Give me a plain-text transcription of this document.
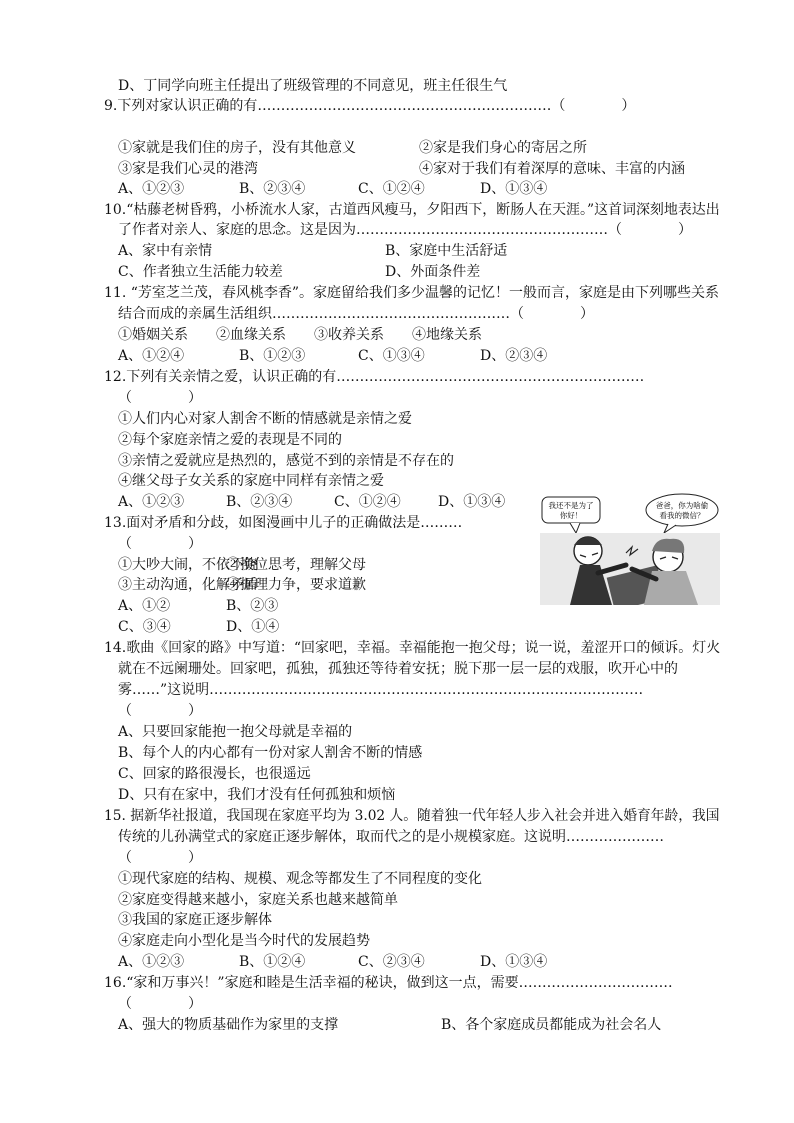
D、丁同学向班主任提出了班级管理的不同意见，班主任很生气
9.下列对家认识正确的有………………………………………………………（　　　　）
①家就是我们住的房子，没有其他意义	②家是我们身心的寄居之所
③家是我们心灵的港湾	④家对于我们有着深厚的意味、丰富的内涵
A、①②③	B、②③④	C、①②④	D、①③④
10.“枯藤老树昏鸦，小桥流水人家，古道西风瘦马，夕阳西下，断肠人在天涯。”这首词深刻地表达出
了作者对亲人、家庭的思念。这是因为………………………………………………（　　　　）
A、家中有亲情	B、家庭中生活舒适
C、作者独立生活能力较差	D、外面条件差
11. “芳室芝兰茂，春风桃李香”。家庭留给我们多少温馨的记忆！一般而言，家庭是由下列哪些关系
结合而成的亲属生活组织……………………………………………（　　　　）
①婚姻关系　　②血缘关系　　③收养关系　　④地缘关系
A、①②④	B、①②③	C、①③④	D、②③④
12.下列有关亲情之爱，认识正确的有…………………………………………………………
（　　　　）
①人们内心对家人割舍不断的情感就是亲情之爱
②每个家庭亲情之爱的表现是不同的
③亲情之爱就应是热烈的，感觉不到的亲情是不存在的
④继父母子女关系的家庭中同样有亲情之爱
A、①②③	B、②③④	C、①②④	D、①③④
13.面对矛盾和分歧，如图漫画中儿子的正确做法是………
（　　　　）
①大吵大闹，不依不饶
②换位思考，理解父母
③主动沟通，化解矛盾
④据理力争，要求道歉
A、①②	B、②③
C、③④	D、①④
14.歌曲《回家的路》中写道：“回家吧，幸福。幸福能抱一抱父母；说一说，羞涩开口的倾诉。灯火
就在不远阑珊处。回家吧，孤独，孤独还等待着安抚；脱下那一层一层的戏服，吹开心中的
雾……”这说明…………………………………………………………………………………
（　　　　）
A、只要回家能抱一抱父母就是幸福的
B、每个人的内心都有一份对家人割舍不断的情感
C、回家的路很漫长，也很遥远
D、只有在家中，我们才没有任何孤独和烦恼
15. 据新华社报道，我国现在家庭平均为 3.02 人。随着独一代年轻人步入社会并进入婚育年龄，我国
传统的儿孙满堂式的家庭正逐步解体，取而代之的是小规模家庭。这说明…………………
（　　　　）
①现代家庭的结构、规模、观念等都发生了不同程度的变化
②家庭变得越来越小，家庭关系也越来越简单
③我国的家庭正逐步解体
④家庭走向小型化是当今时代的发展趋势
A、①②③	B、①②④	C、②③④	D、①③④
16.“家和万事兴！”家庭和睦是生活幸福的秘诀，做到这一点，需要……………………………
（　　　　）
A、强大的物质基础作为家里的支撑	B、各个家庭成员都能成为社会名人
我还不是为了
你好！
爸爸，你为啥偷
看我的微信？
